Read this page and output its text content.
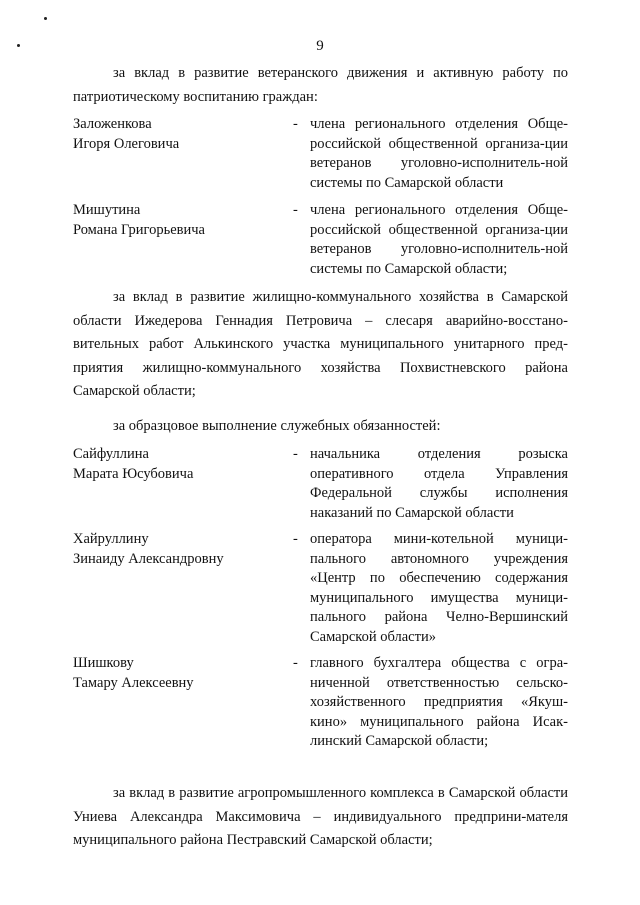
9
за вклад в развитие ветеранского движения и активную работу по патриотическому воспитанию граждан:
Заложенкова
Игоря Олеговича
- члена регионального отделения Обще-российской общественной организа-ции ветеранов уголовно-исполнитель-ной системы по Самарской области
Мишутина
Романа Григорьевича
- члена регионального отделения Обще-российской общественной организа-ции ветеранов уголовно-исполнитель-ной системы по Самарской области;
за вклад в развитие жилищно-коммунального хозяйства в Самарской области Ижедерова Геннадия Петровича – слесаря аварийно-восстано-вительных работ Алькинского участка муниципального унитарного пред-приятия жилищно-коммунального хозяйства Похвистневского района Самарской области;
за образцовое выполнение служебных обязанностей:
Сайфуллина
Марата Юсубовича
- начальника отделения розыска оперативного отдела Управления Федеральной службы исполнения наказаний по Самарской области
Хайруллину
Зинаиду Александровну
- оператора мини-котельной муници-пального автономного учреждения «Центр по обеспечению содержания муниципального имущества муници-пального района Челно-Вершинский Самарской области»
Шишкову
Тамару Алексеевну
- главного бухгалтера общества с огра-ниченной ответственностью сельско-хозяйственного предприятия «Якуш-кино» муниципального района Исак-линский Самарской области;
за вклад в развитие агропромышленного комплекса в Самарской области Униева Александра Максимовича – индивидуального предприни-мателя муниципального района Пестравский Самарской области;
